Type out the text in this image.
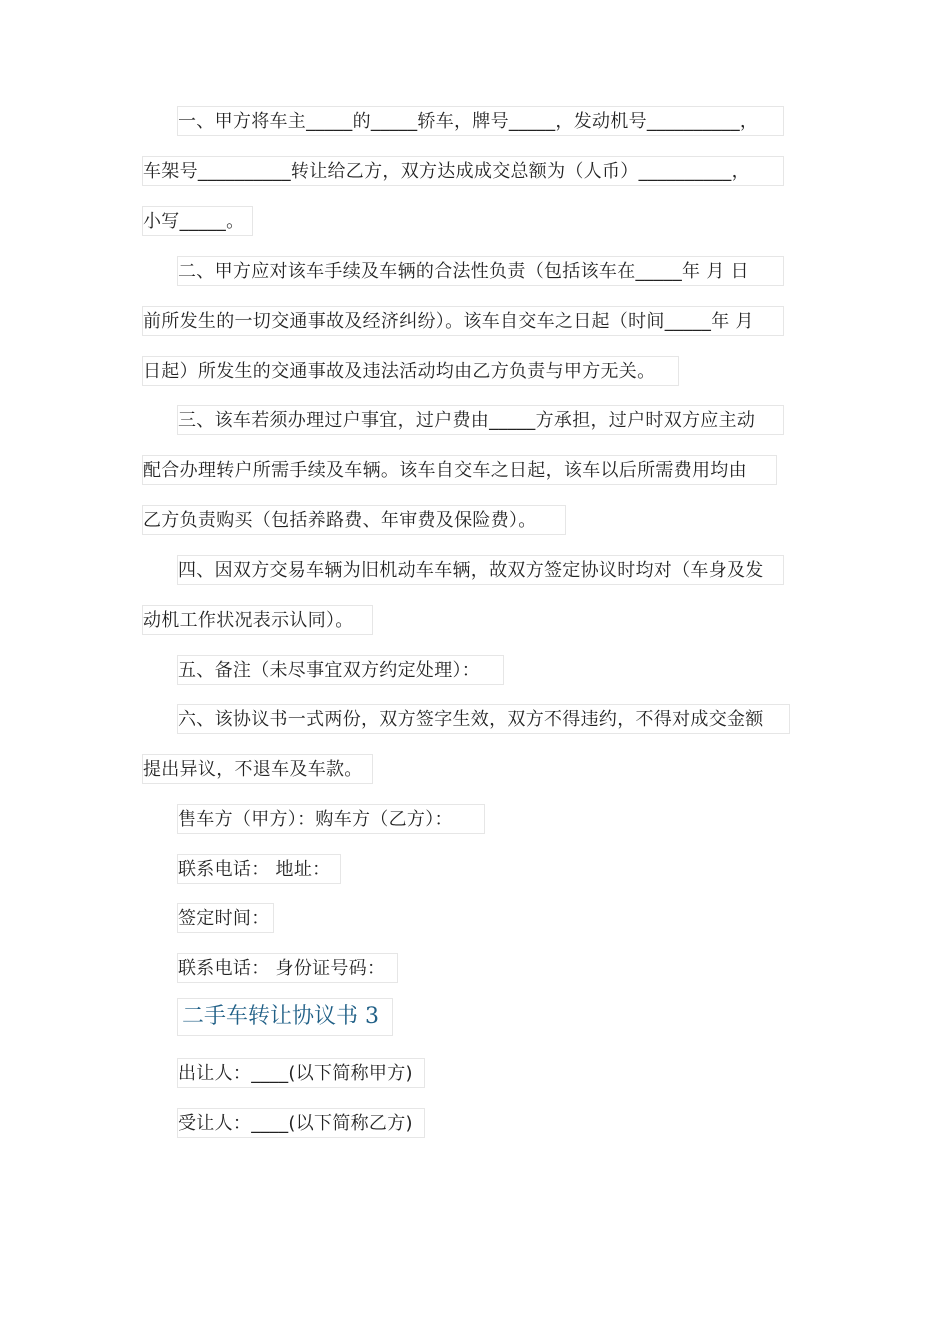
一、甲方将车主_____的_____轿车，牌号_____，发动机号__________，
车架号__________转让给乙方，双方达成成交总额为（人币）__________，
小写_____。
二、甲方应对该车手续及车辆的合法性负责（包括该车在_____年 月 日
前所发生的一切交通事故及经济纠纷）。该车自交车之日起（时间_____年 月
日起）所发生的交通事故及违法活动均由乙方负责与甲方无关。
三、该车若须办理过户事宜，过户费由_____方承担，过户时双方应主动
配合办理转户所需手续及车辆。该车自交车之日起，该车以后所需费用均由
乙方负责购买（包括养路费、年审费及保险费）。
四、因双方交易车辆为旧机动车车辆，故双方签定协议时均对（车身及发
动机工作状况表示认同）。
五、备注（未尽事宜双方约定处理）：
六、该协议书一式两份，双方签字生效，双方不得违约，不得对成交金额
提出异议，不退车及车款。
售车方（甲方）：购车方（乙方）：
联系电话： 地址：
签定时间：
联系电话： 身份证号码：
二手车转让协议书 3
出让人：____(以下简称甲方)
受让人：____(以下简称乙方)
